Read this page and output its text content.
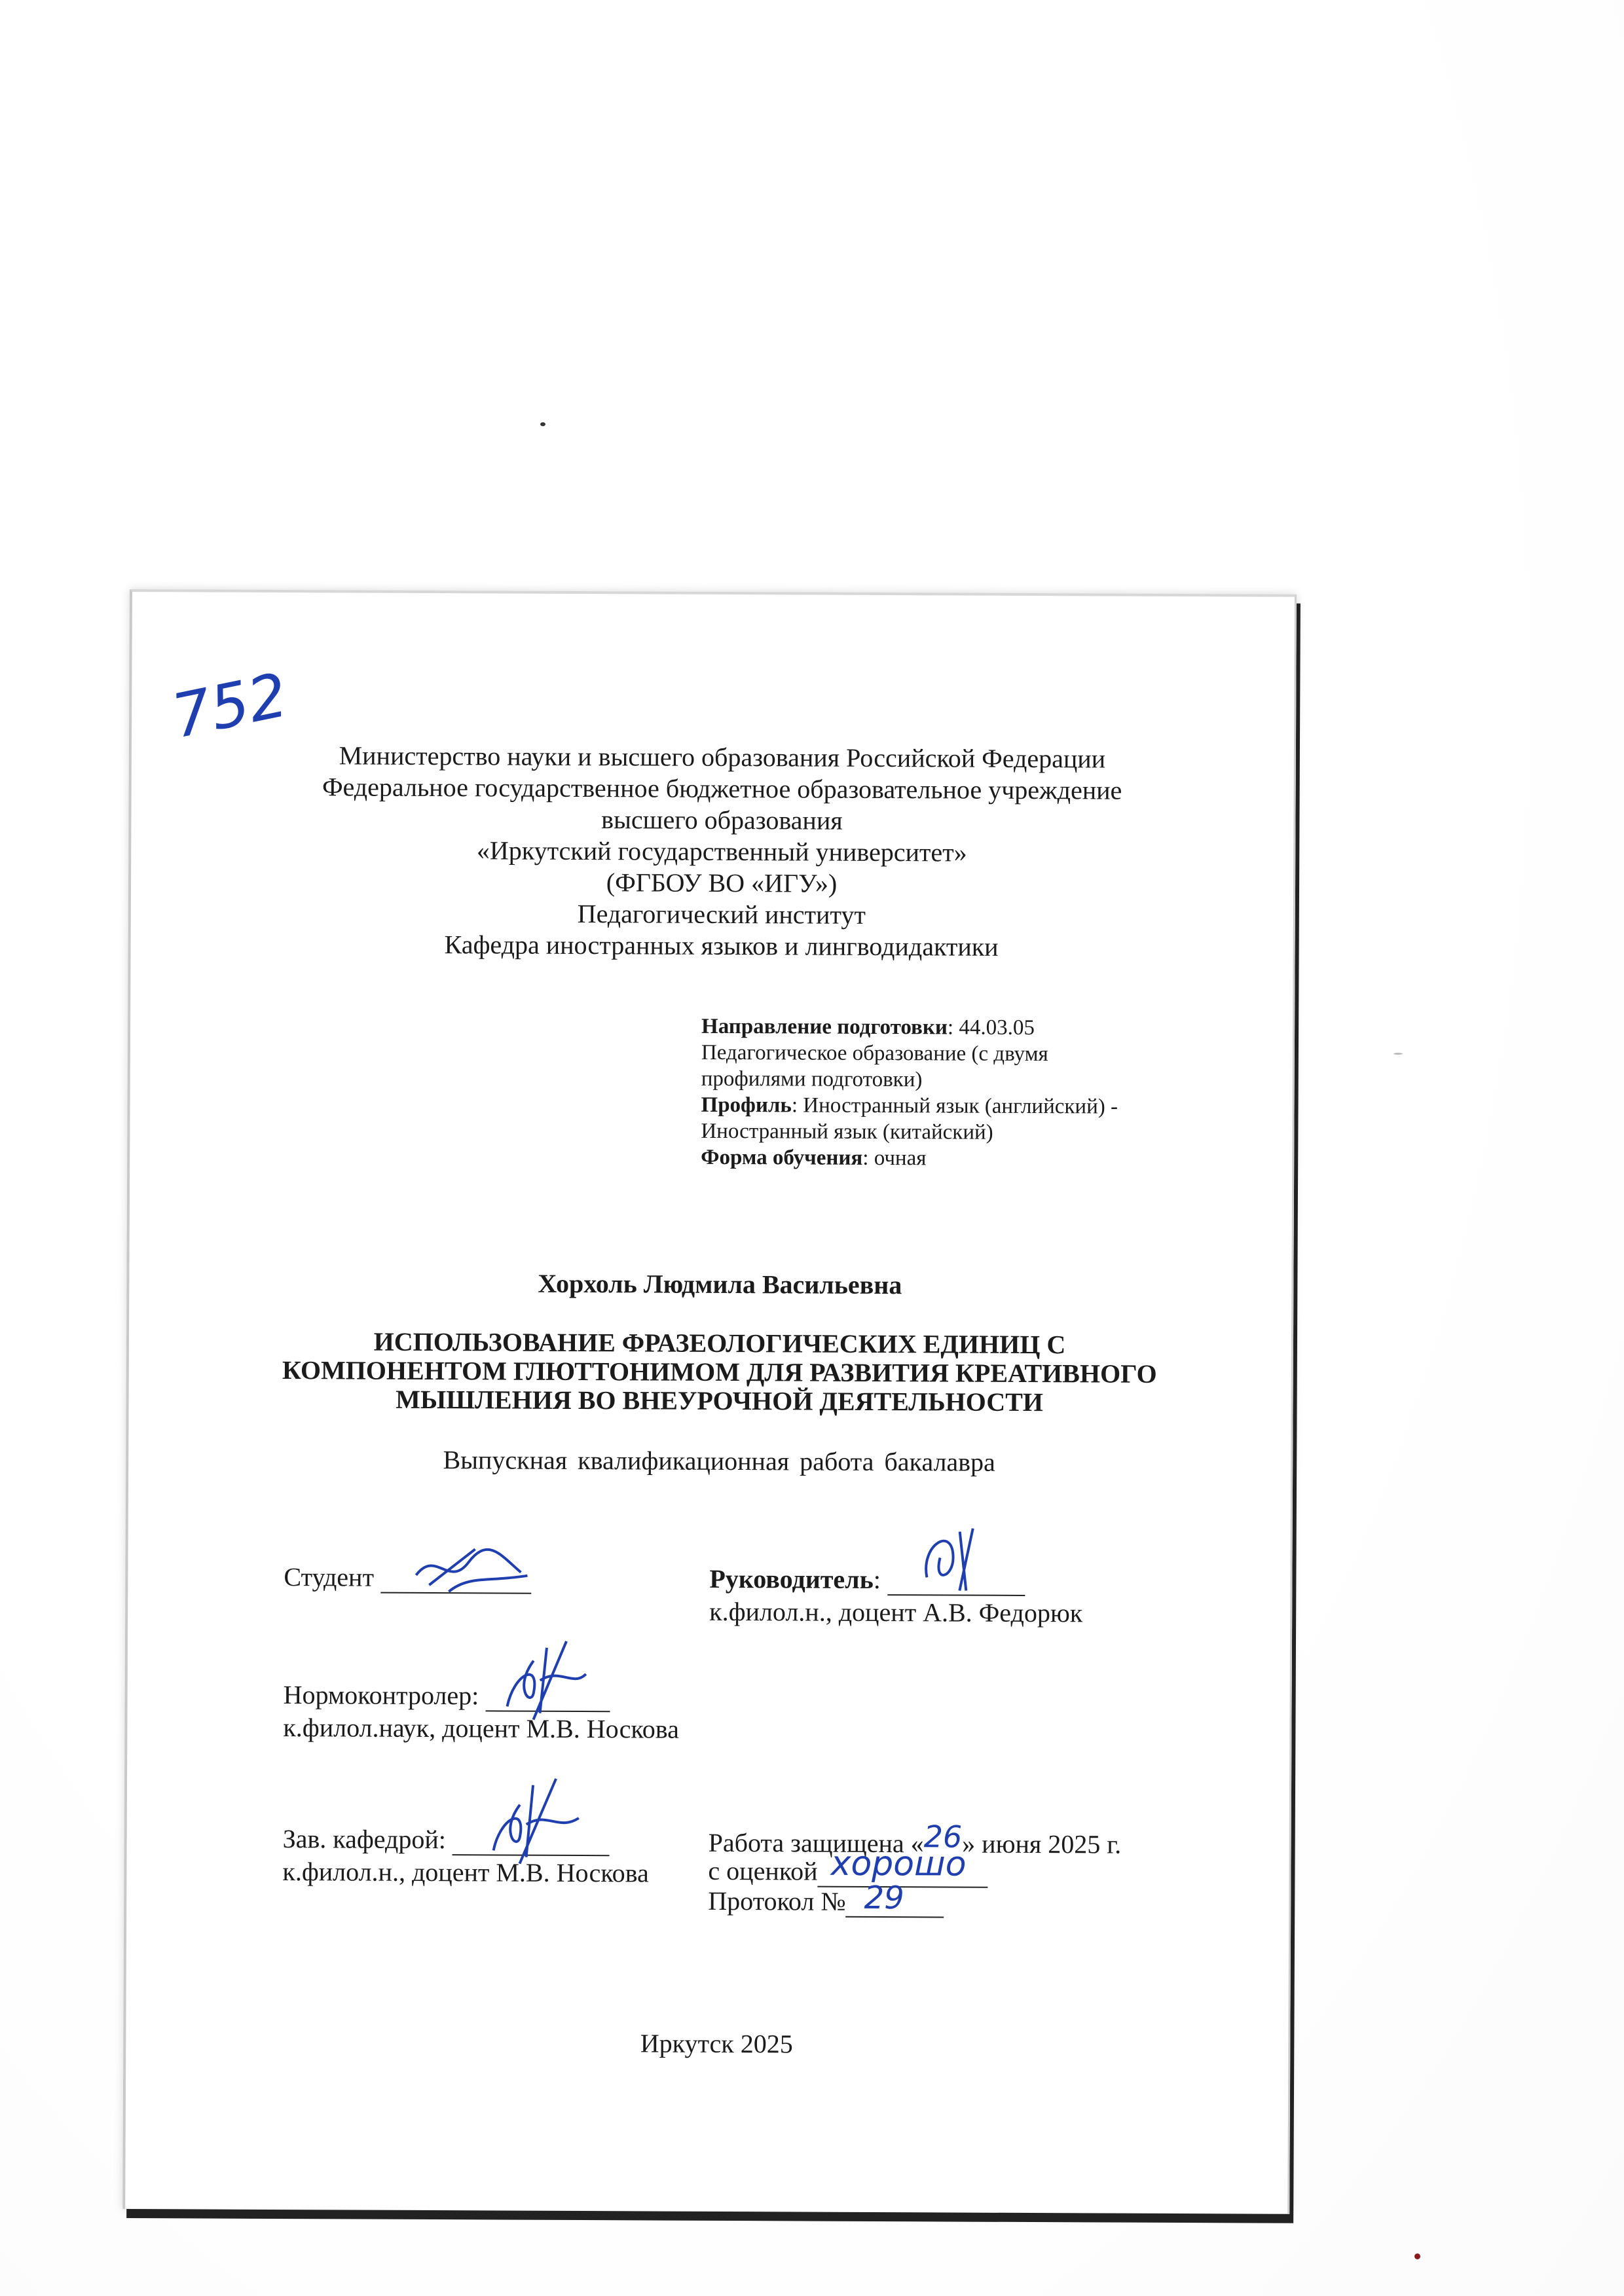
752
Министерство науки и высшего образования Российской Федерации
Федеральное государственное бюджетное образовательное учреждение
высшего образования
«Иркутский государственный университет»
(ФГБОУ ВО «ИГУ»)
Педагогический институт
Кафедра иностранных языков и лингводидактики
Направление подготовки: 44.03.05
Педагогическое образование (с двумя
профилями подготовки)
Профиль: Иностранный язык (английский) -
Иностранный язык (китайский)
Форма обучения: очная
Хорхоль Людмила Васильевна
ИСПОЛЬЗОВАНИЕ ФРАЗЕОЛОГИЧЕСКИХ ЕДИНИЦ С
КОМПОНЕНТОМ ГЛЮТТОНИМОМ ДЛЯ РАЗВИТИЯ КРЕАТИВНОГО
МЫШЛЕНИЯ ВО ВНЕУРОЧНОЙ ДЕЯТЕЛЬНОСТИ
Выпускная квалификационная работа бакалавра
Студент	Руководитель:
к.филол.н., доцент А.В. Федорюк
Нормоконтролер:
к.филол.наук, доцент М.В. Носкова
Зав. кафедрой:
к.филол.н., доцент М.В. Носкова
Работа защищена «26» июня 2025 г.
с оценкой хорошо
Протокол № 29
Иркутск 2025
